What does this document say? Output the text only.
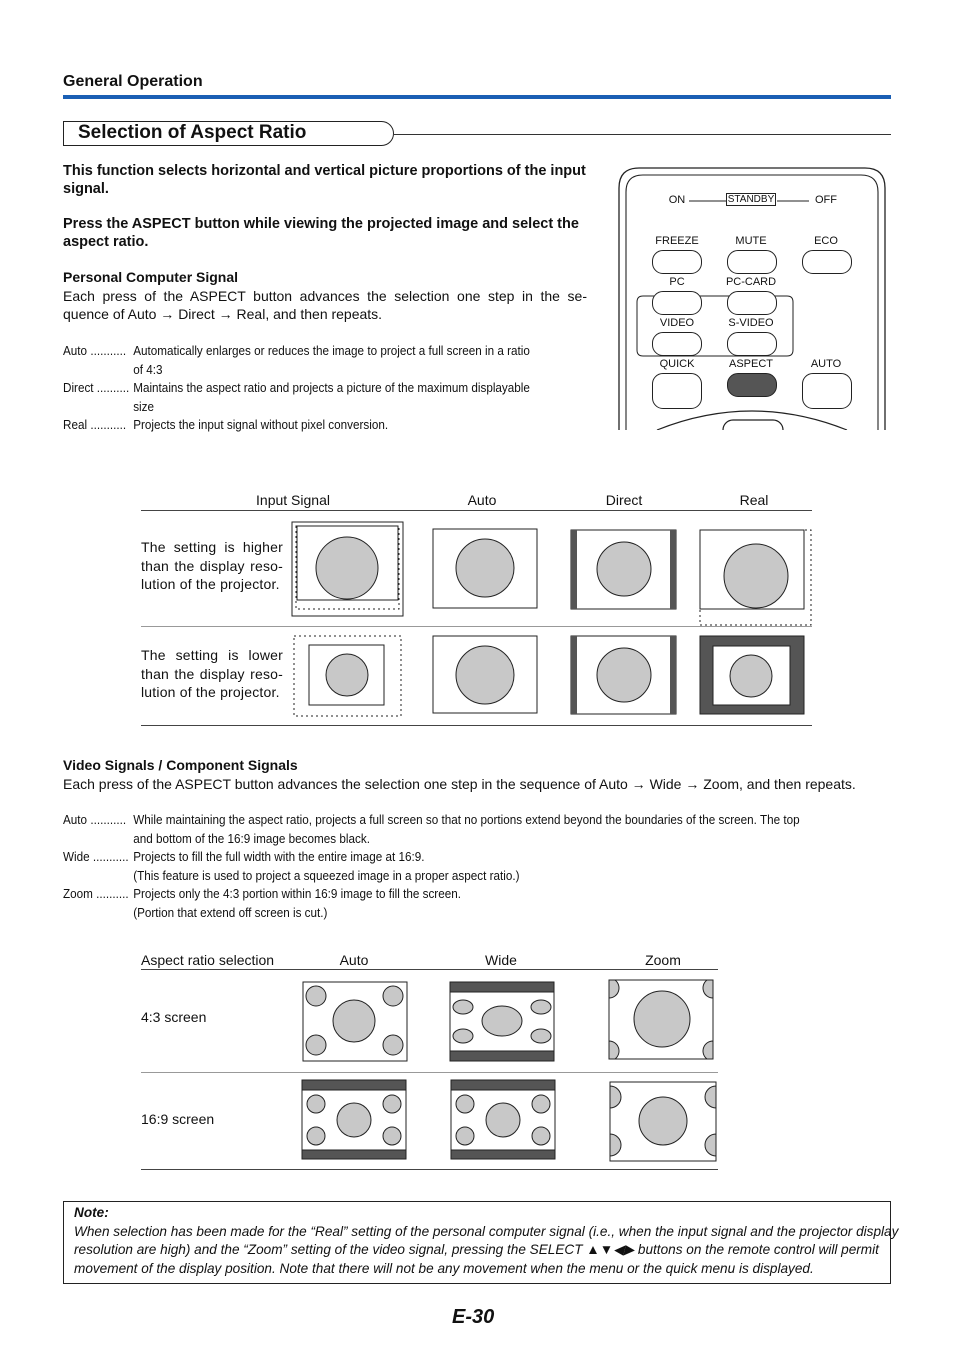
General Operation
Selection of Aspect Ratio
This function selects horizontal and vertical picture proportions of the input signal.
Press the ASPECT button while viewing the projected image and select the aspect ratio.
Personal Computer Signal
Each press of the ASPECT button advances the selection one step in the se-
quence of Auto → Direct → Real, and then repeats.
Auto ........... Automatically enlarges or reduces the image to project a full screen in a ratio
of 4:3
Direct .......... Maintains the aspect ratio and projects a picture of the maximum displayable
size
Real ........... Projects the input signal without pixel conversion.
ON	STANDBY	OFF
FREEZE	MUTE	ECO
PC	PC-CARD
VIDEO	S-VIDEO
QUICK	ASPECT	AUTO
Input Signal	Auto	Direct	Real
The setting is higher than the display reso-lution of the projector.
The setting is lower than the display reso-lution of the projector.
Video Signals / Component Signals
Each press of the ASPECT button advances the selection one step in the sequence of Auto → Wide → Zoom, and then repeats.
Auto ........... While maintaining the aspect ratio, projects a full screen so that no portions extend beyond the boundaries of the screen. The top
and bottom of the 16:9 image becomes black.
Wide ........... Projects to fill the full width with the entire image at 16:9.
(This feature is used to project a squeezed image in a proper aspect ratio.)
Zoom .......... Projects only the 4:3 portion within 16:9 image to fill the screen.
(Portion that extend off screen is cut.)
Aspect ratio selection	Auto	Wide	Zoom
4:3 screen
16:9 screen
Note:
When selection has been made for the “Real” setting of the personal computer signal (i.e., when the input signal and the projector display
resolution are high) and the “Zoom” setting of the video signal, pressing the SELECT ▲▼◀▶ buttons on the remote control will permit
movement of the display position. Note that there will not be any movement when the menu or the quick menu is displayed.
E-30
